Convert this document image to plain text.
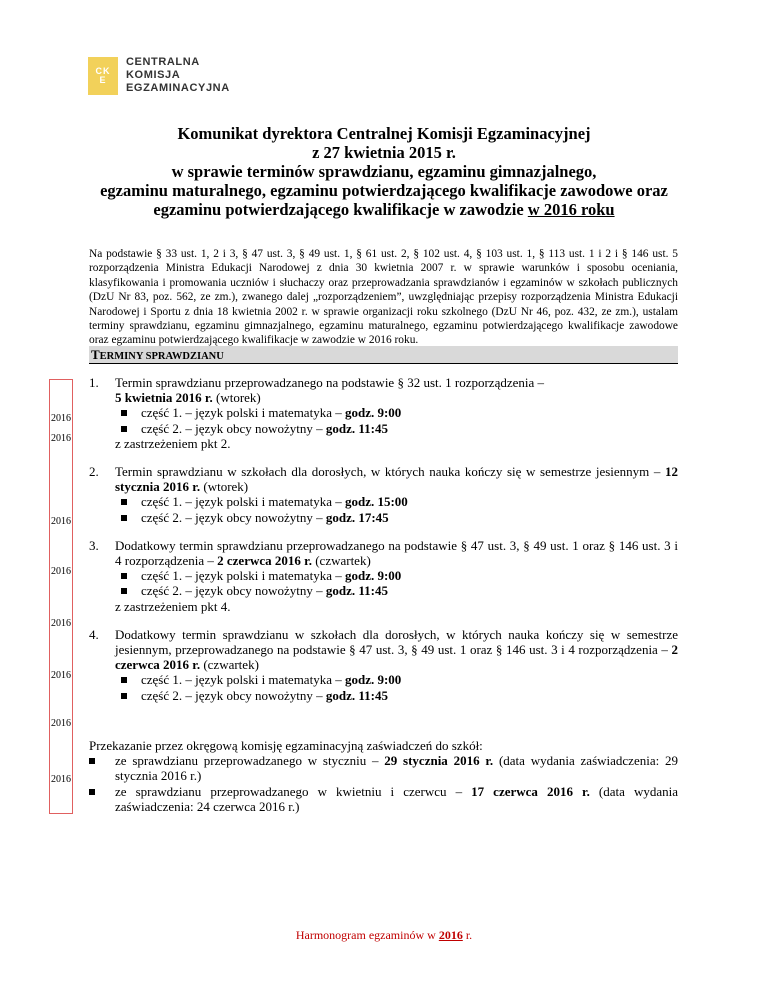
CK
E
CENTRALNA
KOMISJA
EGZAMINACYJNA
Komunikat dyrektora Centralnej Komisji Egzaminacyjnej
z 27 kwietnia 2015 r.
w sprawie terminów sprawdzianu, egzaminu gimnazjalnego,
egzaminu maturalnego, egzaminu potwierdzającego kwalifikacje zawodowe oraz
egzaminu potwierdzającego kwalifikacje w zawodzie w 2016 roku
Na podstawie § 33 ust. 1, 2 i 3, § 47 ust. 3, § 49 ust. 1, § 61 ust. 2, § 102 ust. 4, § 103 ust. 1, § 113 ust. 1 i 2 i § 146 ust. 5 rozporządzenia Ministra Edukacji Narodowej z dnia 30 kwietnia 2007 r. w sprawie warunków i sposobu oceniania, klasyfikowania i promowania uczniów i słuchaczy oraz przeprowadzania sprawdzianów i egzaminów w szkołach publicznych (DzU Nr 83, poz. 562, ze zm.), zwanego dalej „rozporządzeniem”, uwzględniając przepisy rozporządzenia Ministra Edukacji Narodowej i Sportu z dnia 18 kwietnia 2002 r. w sprawie organizacji roku szkolnego (DzU Nr 46, poz. 432, ze zm.), ustalam terminy sprawdzianu, egzaminu gimnazjalnego, egzaminu maturalnego, egzaminu potwierdzającego kwalifikacje zawodowe oraz egzaminu potwierdzającego kwalifikacje w zawodzie w 2016 roku.
TERMINY SPRAWDZIANU
2016
2016
2016
2016
2016
2016
2016
2016
1. Termin sprawdzianu przeprowadzanego na podstawie § 32 ust. 1 rozporządzenia –
5 kwietnia 2016 r. (wtorek)
część 1. – język polski i matematyka – godz. 9:00
część 2. – język obcy nowożytny – godz. 11:45
z zastrzeżeniem pkt 2.
2. Termin sprawdzianu w szkołach dla dorosłych, w których nauka kończy się w semestrze jesiennym – 12 stycznia 2016 r. (wtorek)
część 1. – język polski i matematyka – godz. 15:00
część 2. – język obcy nowożytny – godz. 17:45
3. Dodatkowy termin sprawdzianu przeprowadzanego na podstawie § 47 ust. 3, § 49 ust. 1 oraz § 146 ust. 3 i 4 rozporządzenia – 2 czerwca 2016 r. (czwartek)
część 1. – język polski i matematyka – godz. 9:00
część 2. – język obcy nowożytny – godz. 11:45
z zastrzeżeniem pkt 4.
4. Dodatkowy termin sprawdzianu w szkołach dla dorosłych, w których nauka kończy się w semestrze jesiennym, przeprowadzanego na podstawie § 47 ust. 3, § 49 ust. 1 oraz § 146 ust. 3 i 4 rozporządzenia – 2 czerwca 2016 r. (czwartek)
część 1. – język polski i matematyka – godz. 9:00
część 2. – język obcy nowożytny – godz. 11:45
Przekazanie przez okręgową komisję egzaminacyjną zaświadczeń do szkół:
ze sprawdzianu przeprowadzanego w styczniu – 29 stycznia 2016 r. (data wydania zaświadczenia: 29 stycznia 2016 r.)
ze sprawdzianu przeprowadzanego w kwietniu i czerwcu – 17 czerwca 2016 r. (data wydania zaświadczenia: 24 czerwca 2016 r.)
Harmonogram egzaminów w 2016 r.
